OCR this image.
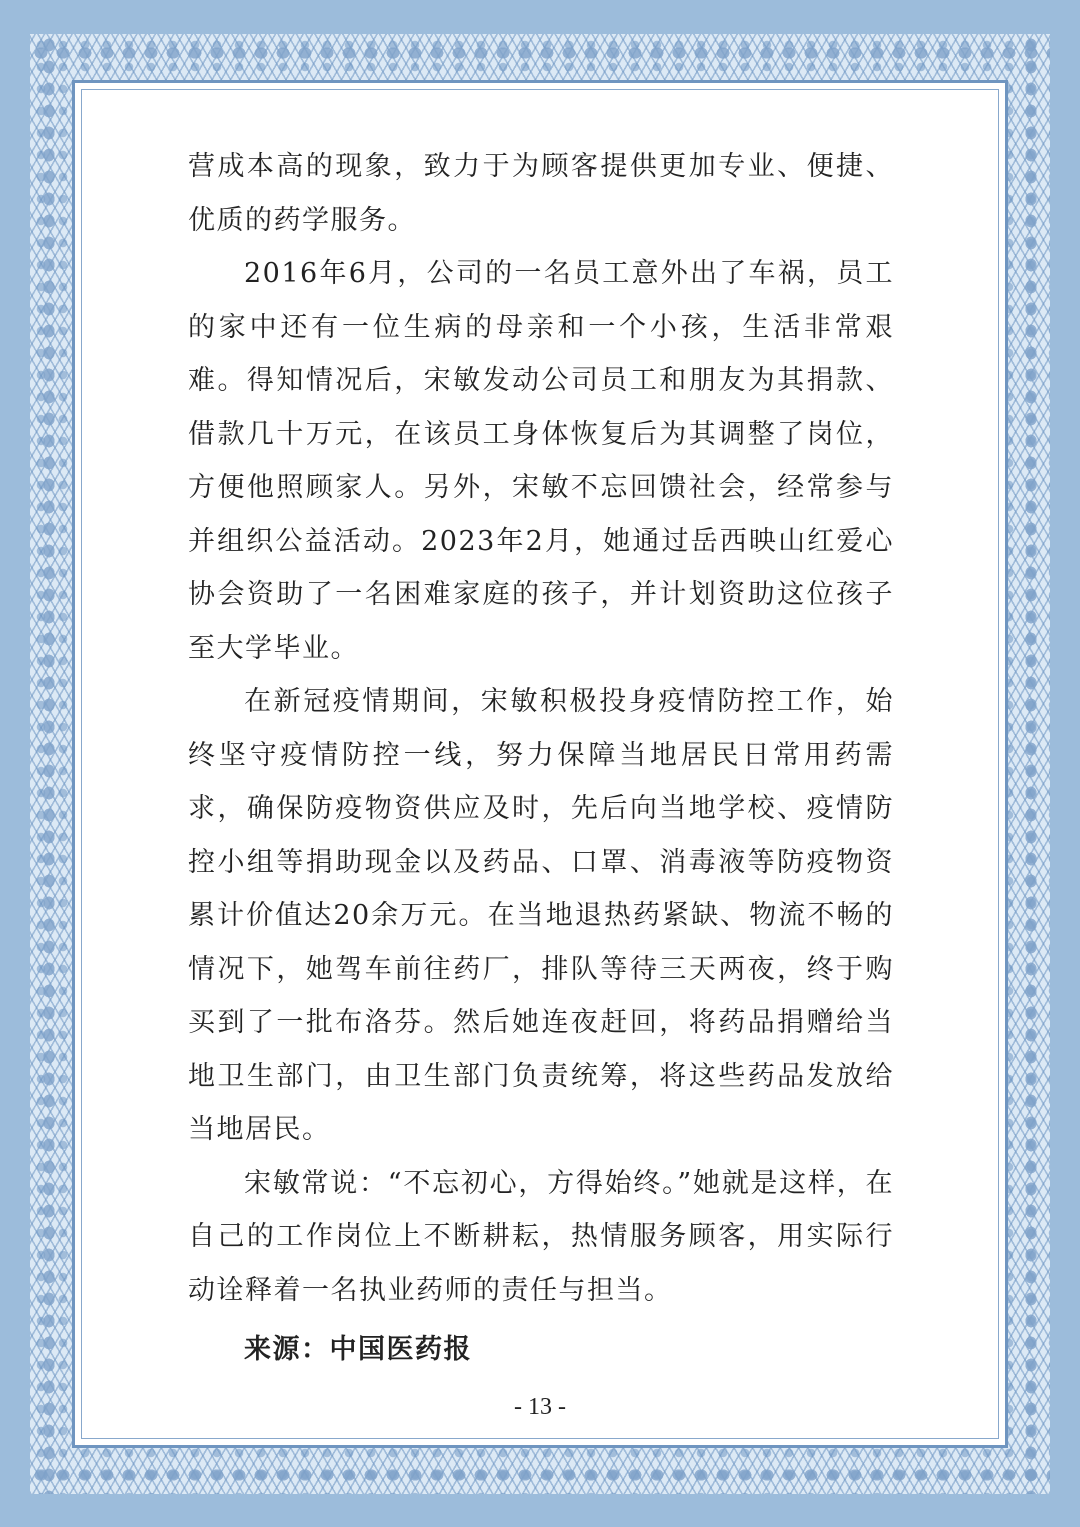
营成本高的现象，致力于为顾客提供更加专业、便捷、优质的药学服务。

2016年6月，公司的一名员工意外出了车祸，员工的家中还有一位生病的母亲和一个小孩，生活非常艰难。得知情况后，宋敏发动公司员工和朋友为其捐款、借款几十万元，在该员工身体恢复后为其调整了岗位，方便他照顾家人。另外，宋敏不忘回馈社会，经常参与并组织公益活动。2023年2月，她通过岳西映山红爱心协会资助了一名困难家庭的孩子，并计划资助这位孩子至大学毕业。

在新冠疫情期间，宋敏积极投身疫情防控工作，始终坚守疫情防控一线，努力保障当地居民日常用药需求，确保防疫物资供应及时，先后向当地学校、疫情防控小组等捐助现金以及药品、口罩、消毒液等防疫物资累计价值达20余万元。在当地退热药紧缺、物流不畅的情况下，她驾车前往药厂，排队等待三天两夜，终于购买到了一批布洛芬。然后她连夜赶回，将药品捐赠给当地卫生部门，由卫生部门负责统筹，将这些药品发放给当地居民。

宋敏常说：“不忘初心，方得始终。”她就是这样，在自己的工作岗位上不断耕耘，热情服务顾客，用实际行动诠释着一名执业药师的责任与担当。

来源：中国医药报

- 13 -
